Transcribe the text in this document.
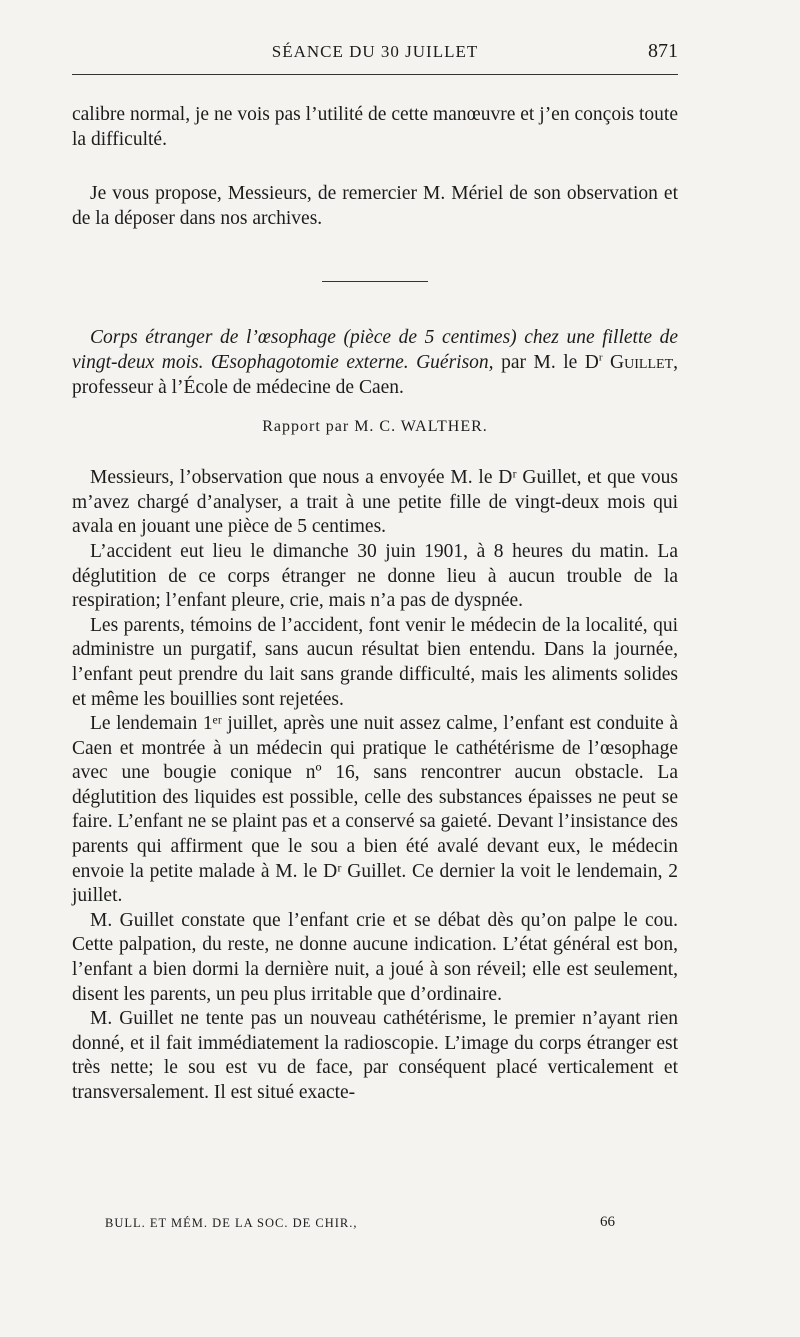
SÉANCE DU 30 JUILLET	871

calibre normal, je ne vois pas l’utilité de cette manœuvre et j’en conçois toute la difficulté.

Je vous propose, Messieurs, de remercier M. Mériel de son observation et de la déposer dans nos archives.

Corps étranger de l’œsophage (pièce de 5 centimes) chez une fillette de vingt-deux mois. Œsophagotomie externe. Guérison, par M. le $D^r$ Guillet, professeur à l’École de médecine de Caen.

Rapport par M. C. WALTHER.

Messieurs, l’observation que nous a envoyée M. le Dʳ Guillet, et que vous m’avez chargé d’analyser, a trait à une petite fille de vingt-deux mois qui avala en jouant une pièce de 5 centimes.

L’accident eut lieu le dimanche 30 juin 1901, à 8 heures du matin. La déglutition de ce corps étranger ne donne lieu à aucun trouble de la respiration; l’enfant pleure, crie, mais n’a pas de dyspnée.

Les parents, témoins de l’accident, font venir le médecin de la localité, qui administre un purgatif, sans aucun résultat bien entendu. Dans la journée, l’enfant peut prendre du lait sans grande difficulté, mais les aliments solides et même les bouillies sont rejetées.

Le lendemain 1ᵉʳ juillet, après une nuit assez calme, l’enfant est conduite à Caen et montrée à un médecin qui pratique le cathétérisme de l’œsophage avec une bougie conique nº 16, sans rencontrer aucun obstacle. La déglutition des liquides est possible, celle des substances épaisses ne peut se faire. L’enfant ne se plaint pas et a conservé sa gaieté. Devant l’insistance des parents qui affirment que le sou a bien été avalé devant eux, le médecin envoie la petite malade à M. le Dʳ Guillet. Ce dernier la voit le lendemain, 2 juillet.

M. Guillet constate que l’enfant crie et se débat dès qu’on palpe le cou. Cette palpation, du reste, ne donne aucune indication. L’état général est bon, l’enfant a bien dormi la dernière nuit, a joué à son réveil; elle est seulement, disent les parents, un peu plus irritable que d’ordinaire.

M. Guillet ne tente pas un nouveau cathétérisme, le premier n’ayant rien donné, et il fait immédiatement la radioscopie. L’image du corps étranger est très nette; le sou est vu de face, par conséquent placé verticalement et transversalement. Il est situé exacte-

BULL. ET MÉM. DE LA SOC. DE CHIR.,	66
